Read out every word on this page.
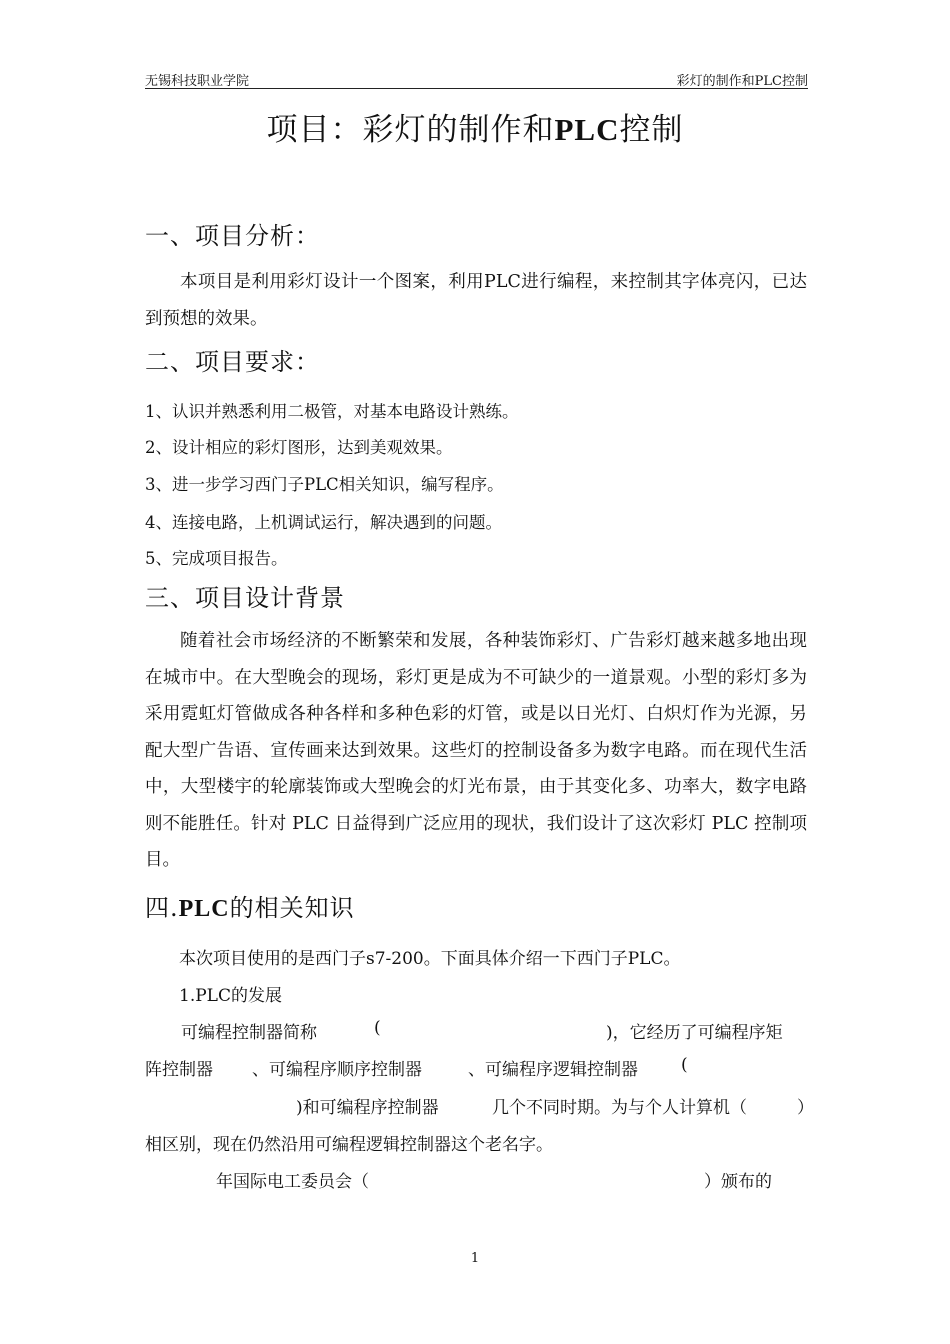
无锡科技职业学院	彩灯的制作和PLC控制
项目：彩灯的制作和PLC控制
一、项目分析：
本项目是利用彩灯设计一个图案，利用PLC进行编程，来控制其字体亮闪，已达到预想的效果。
二、项目要求：
1、认识并熟悉利用二极管，对基本电路设计熟练。
2、设计相应的彩灯图形，达到美观效果。
3、进一步学习西门子PLC相关知识，编写程序。
4、连接电路，上机调试运行，解决遇到的问题。
5、完成项目报告。
三、项目设计背景
随着社会市场经济的不断繁荣和发展，各种装饰彩灯、广告彩灯越来越多地出现在城市中。在大型晚会的现场，彩灯更是成为不可缺少的一道景观。小型的彩灯多为采用霓虹灯管做成各种各样和多种色彩的灯管，或是以日光灯、白炽灯作为光源，另配大型广告语、宣传画来达到效果。这些灯的控制设备多为数字电路。而在现代生活中，大型楼宇的轮廓装饰或大型晚会的灯光布景，由于其变化多、功率大，数字电路则不能胜任。针对 PLC 日益得到广泛应用的现状，我们设计了这次彩灯 PLC 控制项目。
四.PLC的相关知识
本次项目使用的是西门子s7-200。下面具体介绍一下西门子PLC。
1.PLC的发展
可编程控制器简称	(	)，它经历了可编程序矩
阵控制器 、可编程序顺序控制器	、可编程序逻辑控制器	(
)和可编程序控制器	几个不同时期。为与个人计算机（	）
相区别，现在仍然沿用可编程逻辑控制器这个老名字。
年国际电工委员会（	）颁布的
1
